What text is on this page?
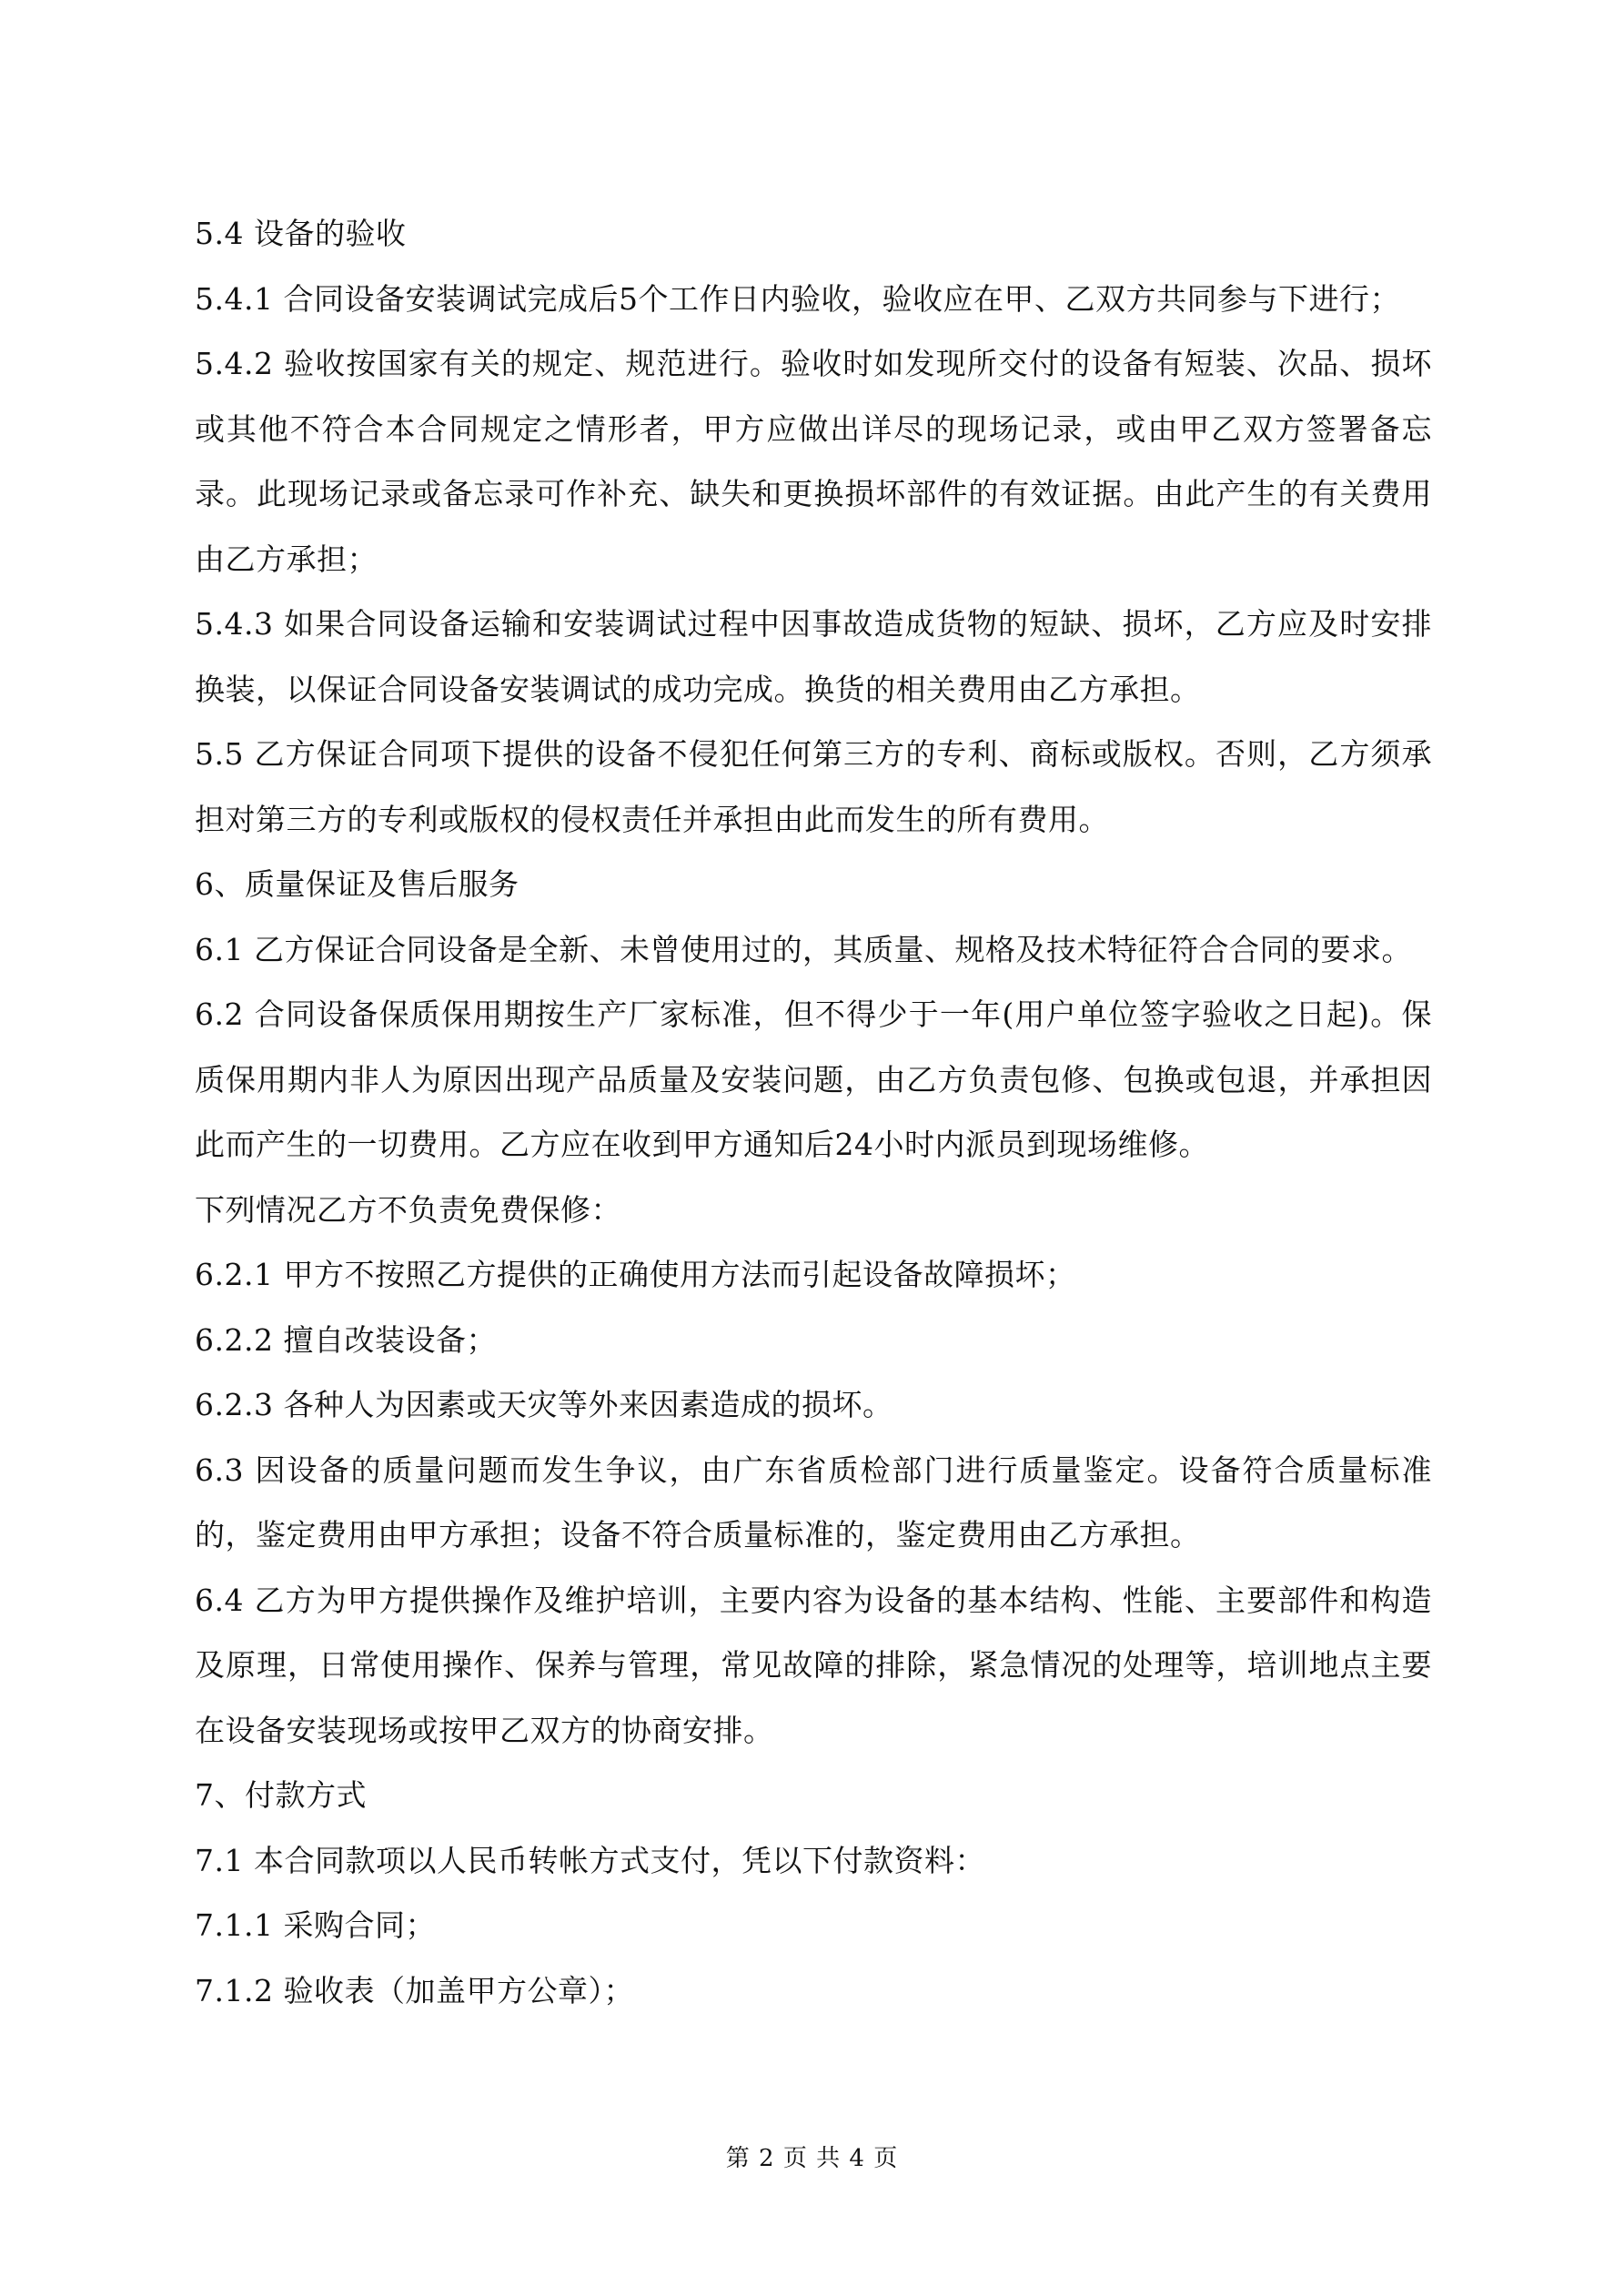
5.4 设备的验收

5.4.1 合同设备安装调试完成后5个工作日内验收，验收应在甲、乙双方共同参与下进行；

5.4.2 验收按国家有关的规定、规范进行。验收时如发现所交付的设备有短装、次品、损坏或其他不符合本合同规定之情形者，甲方应做出详尽的现场记录，或由甲乙双方签署备忘录。此现场记录或备忘录可作补充、缺失和更换损坏部件的有效证据。由此产生的有关费用由乙方承担；

5.4.3 如果合同设备运输和安装调试过程中因事故造成货物的短缺、损坏，乙方应及时安排换装，以保证合同设备安装调试的成功完成。换货的相关费用由乙方承担。

5.5 乙方保证合同项下提供的设备不侵犯任何第三方的专利、商标或版权。否则，乙方须承担对第三方的专利或版权的侵权责任并承担由此而发生的所有费用。

6、质量保证及售后服务

6.1 乙方保证合同设备是全新、未曾使用过的，其质量、规格及技术特征符合合同的要求。

6.2 合同设备保质保用期按生产厂家标准，但不得少于一年(用户单位签字验收之日起)。保质保用期内非人为原因出现产品质量及安装问题，由乙方负责包修、包换或包退，并承担因此而产生的一切费用。乙方应在收到甲方通知后24小时内派员到现场维修。

下列情况乙方不负责免费保修：

6.2.1 甲方不按照乙方提供的正确使用方法而引起设备故障损坏；

6.2.2 擅自改装设备；

6.2.3 各种人为因素或天灾等外来因素造成的损坏。

6.3 因设备的质量问题而发生争议，由广东省质检部门进行质量鉴定。设备符合质量标准的，鉴定费用由甲方承担；设备不符合质量标准的，鉴定费用由乙方承担。

6.4 乙方为甲方提供操作及维护培训，主要内容为设备的基本结构、性能、主要部件和构造及原理，日常使用操作、保养与管理，常见故障的排除，紧急情况的处理等，培训地点主要在设备安装现场或按甲乙双方的协商安排。

7、付款方式

7.1 本合同款项以人民币转帐方式支付，凭以下付款资料：

7.1.1 采购合同；

7.1.2 验收表（加盖甲方公章）；

第 2 页 共 4 页
